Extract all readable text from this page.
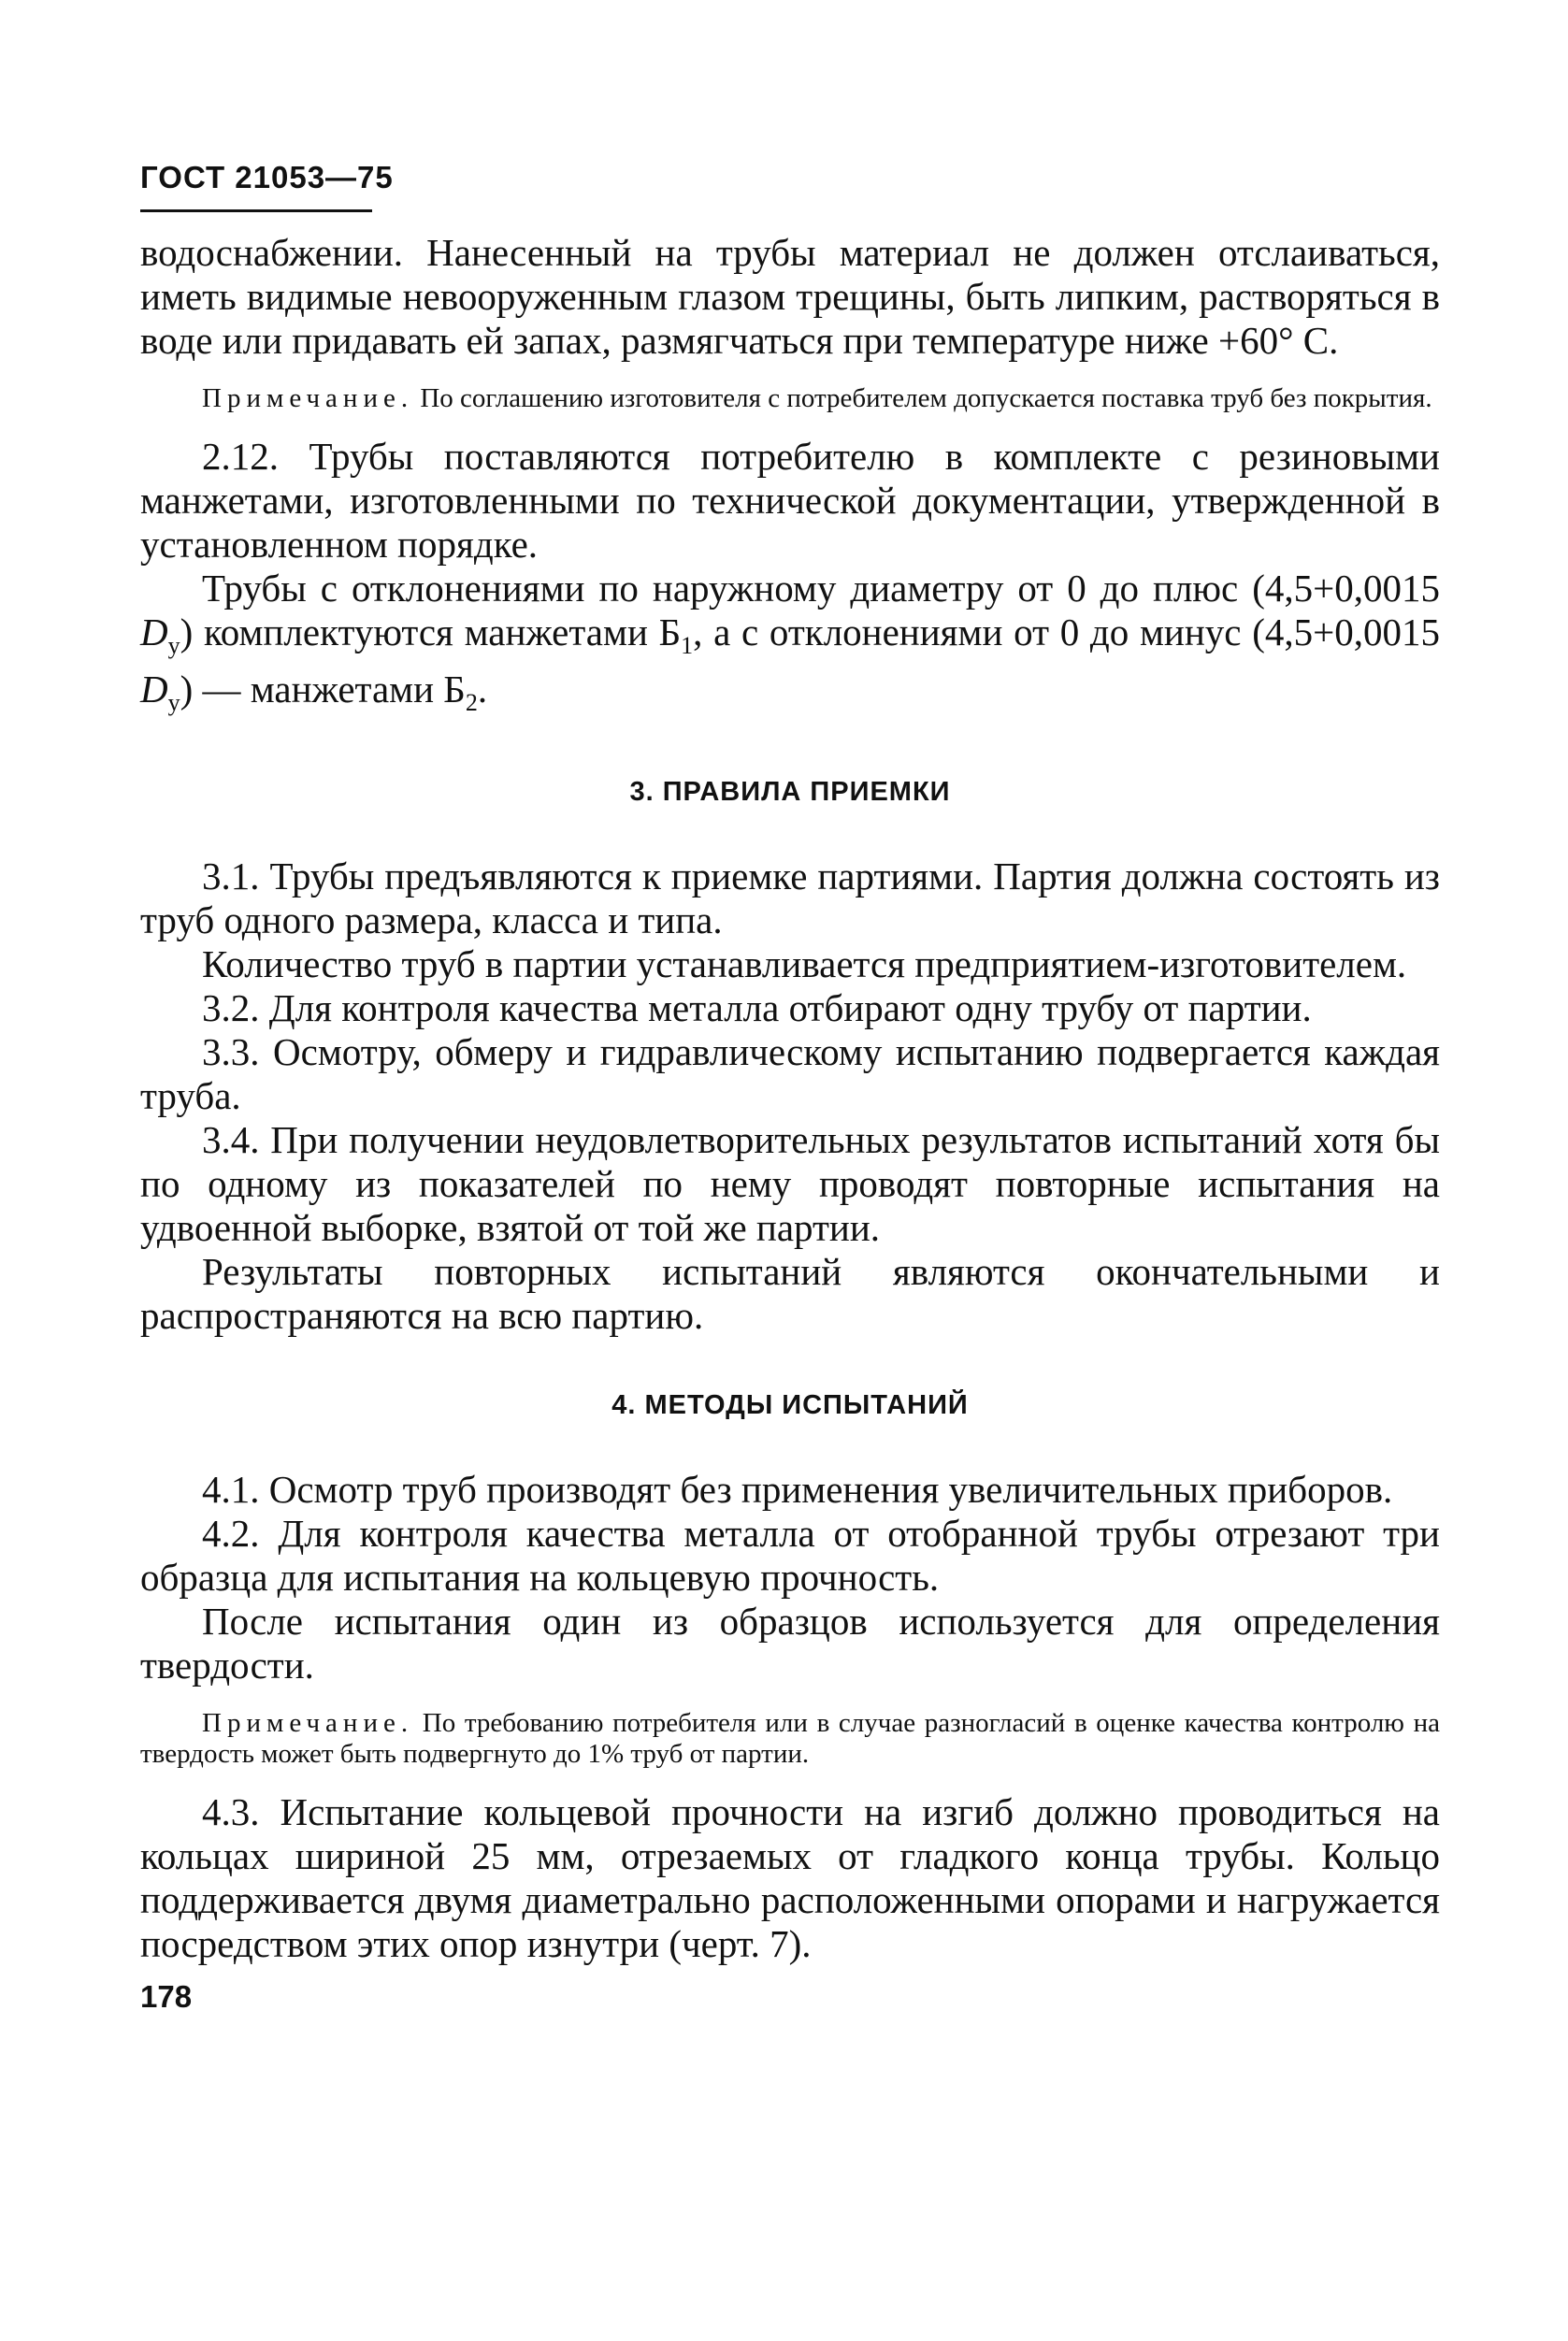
ГОСТ 21053—75

водоснабжении. Нанесенный на трубы материал не должен отслаиваться, иметь видимые невооруженным глазом трещины, быть липким, растворяться в воде или придавать ей запах, размягчаться при температуре ниже +60° С.

Примечание. По соглашению изготовителя с потребителем допускается поставка труб без покрытия.

2.12. Трубы поставляются потребителю в комплекте с резиновыми манжетами, изготовленными по технической документации, утвержденной в установленном порядке.

Трубы с отклонениями по наружному диаметру от 0 до плюс (4,5+0,0015 $D_y$) комплектуются манжетами $Б_1$, а с отклонениями от 0 до минус (4,5+0,0015 $D_y$) — манжетами $Б_2$.

3. ПРАВИЛА ПРИЕМКИ

3.1. Трубы предъявляются к приемке партиями. Партия должна состоять из труб одного размера, класса и типа.

Количество труб в партии устанавливается предприятием-изготовителем.

3.2. Для контроля качества металла отбирают одну трубу от партии.

3.3. Осмотру, обмеру и гидравлическому испытанию подвергается каждая труба.

3.4. При получении неудовлетворительных результатов испытаний хотя бы по одному из показателей по нему проводят повторные испытания на удвоенной выборке, взятой от той же партии.

Результаты повторных испытаний являются окончательными и распространяются на всю партию.

4. МЕТОДЫ ИСПЫТАНИЙ

4.1. Осмотр труб производят без применения увеличительных приборов.

4.2. Для контроля качества металла от отобранной трубы отрезают три образца для испытания на кольцевую прочность.

После испытания один из образцов используется для определения твердости.

Примечание. По требованию потребителя или в случае разногласий в оценке качества контролю на твердость может быть подвергнуто до 1% труб от партии.

4.3. Испытание кольцевой прочности на изгиб должно проводиться на кольцах шириной 25 мм, отрезаемых от гладкого конца трубы. Кольцо поддерживается двумя диаметрально расположенными опорами и нагружается посредством этих опор изнутри (черт. 7).

178
